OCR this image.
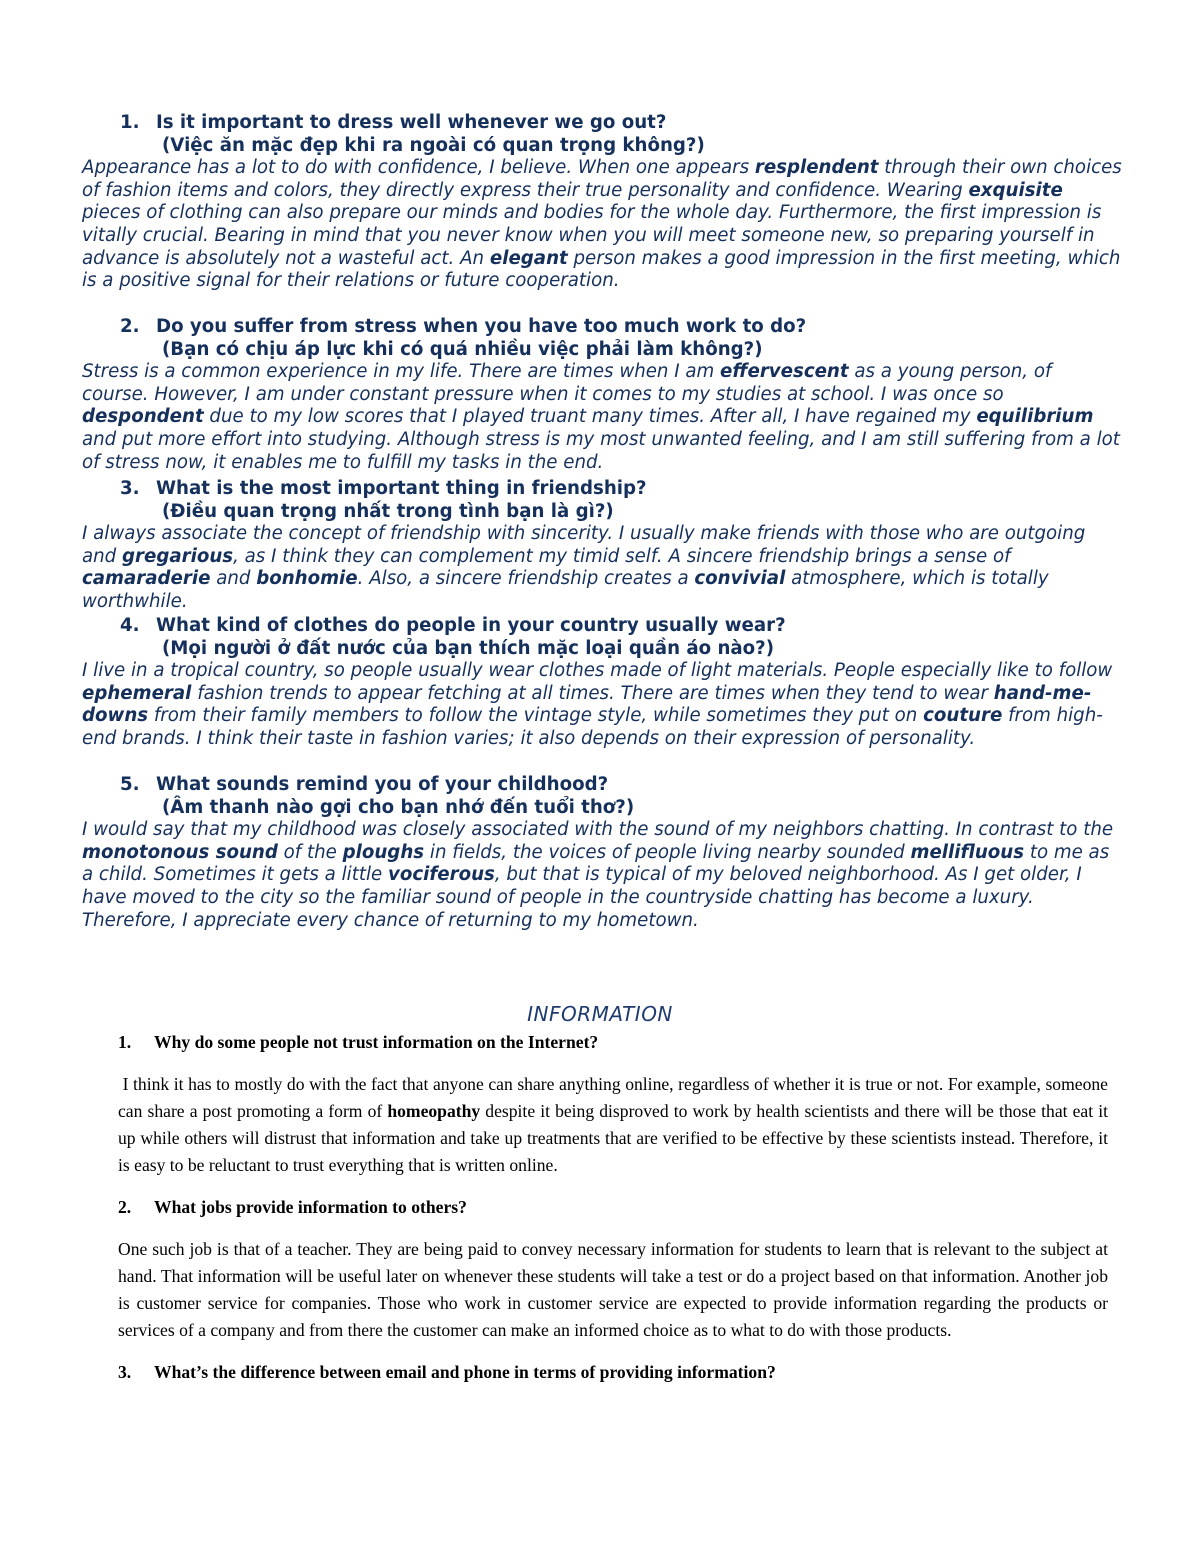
1. Is it important to dress well whenever we go out?
(Việc ăn mặc đẹp khi ra ngoài có quan trọng không?)

Appearance has a lot to do with confidence, I believe. When one appears resplendent through their own choices of fashion items and colors, they directly express their true personality and confidence. Wearing exquisite pieces of clothing can also prepare our minds and bodies for the whole day. Furthermore, the first impression is vitally crucial. Bearing in mind that you never know when you will meet someone new, so preparing yourself in advance is absolutely not a wasteful act. An elegant person makes a good impression in the first meeting, which is a positive signal for their relations or future cooperation.

2. Do you suffer from stress when you have too much work to do?
(Bạn có chịu áp lực khi có quá nhiều việc phải làm không?)

Stress is a common experience in my life. There are times when I am effervescent as a young person, of course. However, I am under constant pressure when it comes to my studies at school. I was once so despondent due to my low scores that I played truant many times. After all, I have regained my equilibrium and put more effort into studying. Although stress is my most unwanted feeling, and I am still suffering from a lot of stress now, it enables me to fulfill my tasks in the end.

3. What is the most important thing in friendship?
(Điều quan trọng nhất trong tình bạn là gì?)

I always associate the concept of friendship with sincerity. I usually make friends with those who are outgoing and gregarious, as I think they can complement my timid self. A sincere friendship brings a sense of camaraderie and bonhomie. Also, a sincere friendship creates a convivial atmosphere, which is totally worthwhile.

4. What kind of clothes do people in your country usually wear?
(Mọi người ở đất nước của bạn thích mặc loại quần áo nào?)

I live in a tropical country, so people usually wear clothes made of light materials. People especially like to follow ephemeral fashion trends to appear fetching at all times. There are times when they tend to wear hand-me-downs from their family members to follow the vintage style, while sometimes they put on couture from high-end brands. I think their taste in fashion varies; it also depends on their expression of personality.

5. What sounds remind you of your childhood?
(Âm thanh nào gợi cho bạn nhớ đến tuổi thơ?)

I would say that my childhood was closely associated with the sound of my neighbors chatting. In contrast to the monotonous sound of the ploughs in fields, the voices of people living nearby sounded mellifluous to me as a child. Sometimes it gets a little vociferous, but that is typical of my beloved neighborhood. As I get older, I have moved to the city so the familiar sound of people in the countryside chatting has become a luxury. Therefore, I appreciate every chance of returning to my hometown.

INFORMATION
1. Why do some people not trust information on the Internet?

I think it has to mostly do with the fact that anyone can share anything online, regardless of whether it is true or not. For example, someone can share a post promoting a form of homeopathy despite it being disproved to work by health scientists and there will be those that eat it up while others will distrust that information and take up treatments that are verified to be effective by these scientists instead. Therefore, it is easy to be reluctant to trust everything that is written online.

2. What jobs provide information to others?

One such job is that of a teacher. They are being paid to convey necessary information for students to learn that is relevant to the subject at hand. That information will be useful later on whenever these students will take a test or do a project based on that information. Another job is customer service for companies. Those who work in customer service are expected to provide information regarding the products or services of a company and from there the customer can make an informed choice as to what to do with those products.

3. What’s the difference between email and phone in terms of providing information?
